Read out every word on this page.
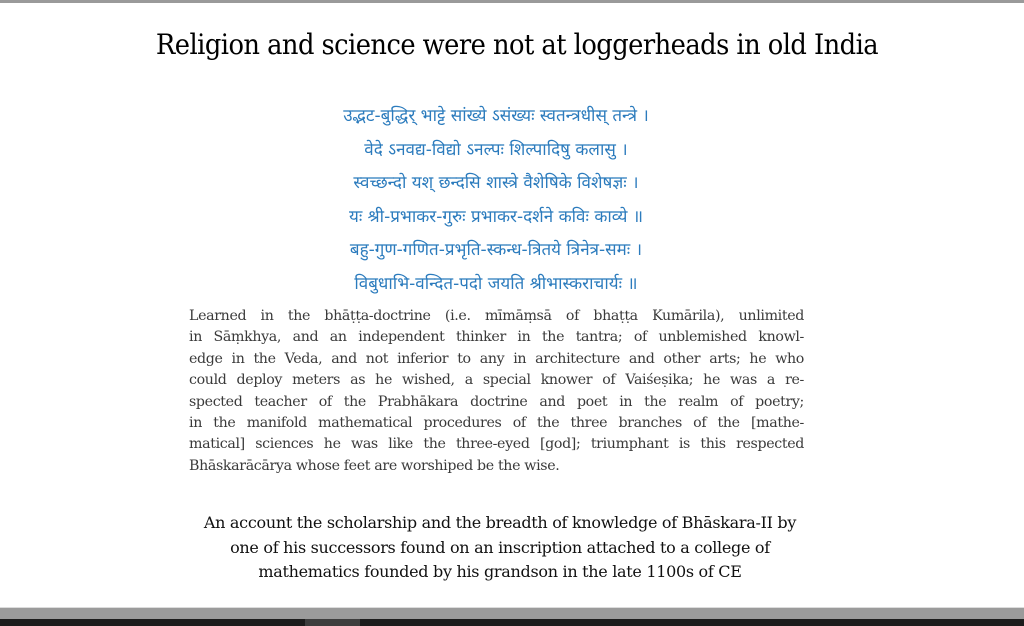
Religion and science were not at loggerheads in old India
उद्भट-बुद्धिर् भाट्टे सांख्ये ऽसंख्यः स्वतन्त्रधीस् तन्त्रे ।
वेदे ऽनवद्य-विद्यो ऽनल्पः शिल्पादिषु कलासु ।
स्वच्छन्दो यश् छन्दसि शास्त्रे वैशेषिके विशेषज्ञः ।
यः श्री-प्रभाकर-गुरुः प्रभाकर-दर्शने कविः काव्ये ॥
बहु-गुण-गणित-प्रभृति-स्कन्ध-त्रितये त्रिनेत्र-समः ।
विबुधाभि-वन्दित-पदो जयति श्रीभास्कराचार्यः ॥
Learned in the bhāṭṭa-doctrine (i.e. mīmāṃsā of bhaṭṭa Kumārila), unlimited
in Sāṃkhya, and an independent thinker in the tantra; of unblemished knowl-
edge in the Veda, and not inferior to any in architecture and other arts; he who
could deploy meters as he wished, a special knower of Vaiśeṣika; he was a re-
spected teacher of the Prabhākara doctrine and poet in the realm of poetry;
in the manifold mathematical procedures of the three branches of the [mathe-
matical] sciences he was like the three-eyed [god]; triumphant is this respected
Bhāskarācārya whose feet are worshiped be the wise.
An account the scholarship and the breadth of knowledge of Bhāskara-II by
one of his successors found on an inscription attached to a college of
mathematics founded by his grandson in the late 1100s of CE
